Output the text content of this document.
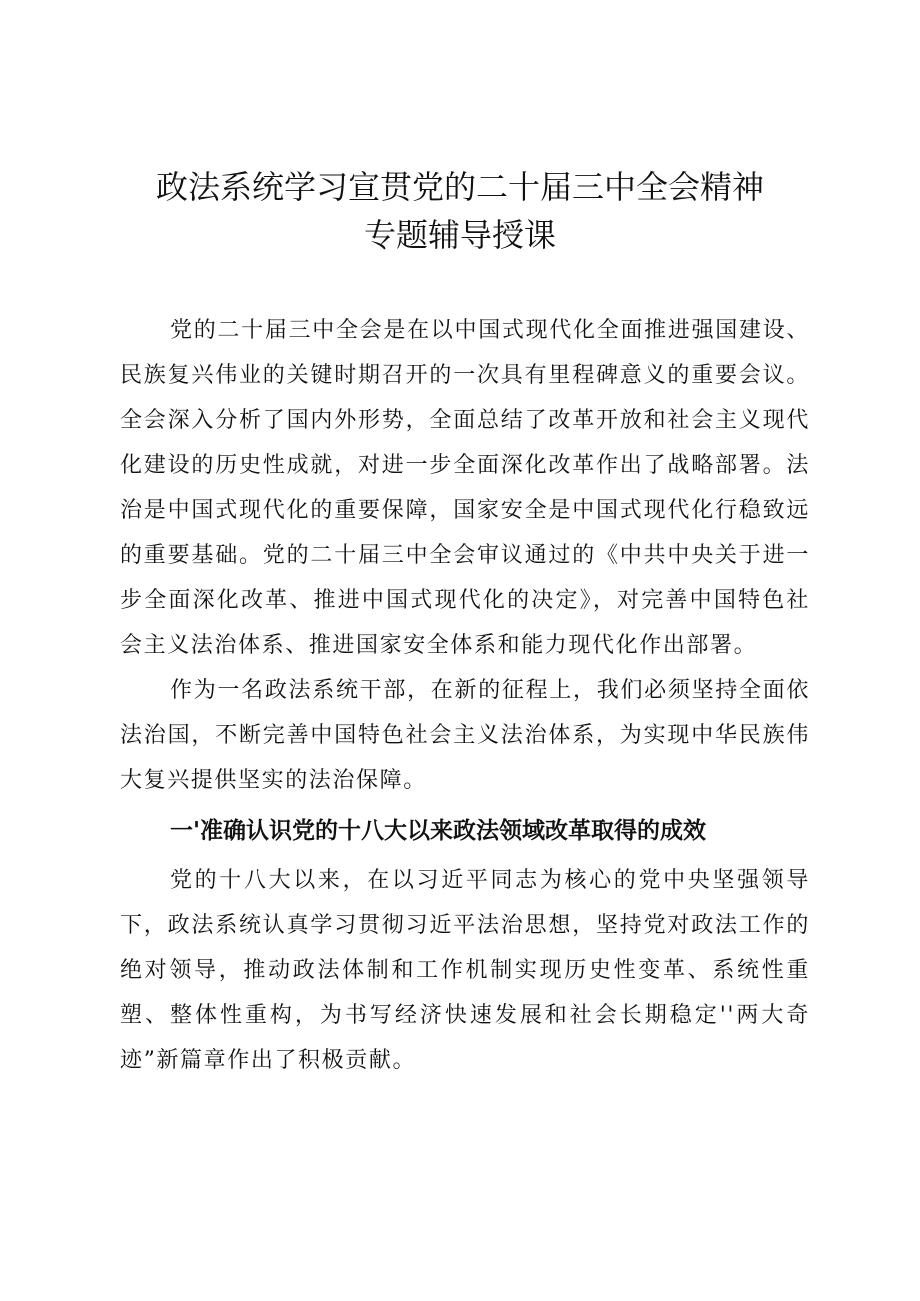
政法系统学习宣贯党的二十届三中全会精神
专题辅导授课

党的二十届三中全会是在以中国式现代化全面推进强国建设、民族复兴伟业的关键时期召开的一次具有里程碑意义的重要会议。全会深入分析了国内外形势，全面总结了改革开放和社会主义现代化建设的历史性成就，对进一步全面深化改革作出了战略部署。法治是中国式现代化的重要保障，国家安全是中国式现代化行稳致远的重要基础。党的二十届三中全会审议通过的《中共中央关于进一步全面深化改革、推进中国式现代化的决定》，对完善中国特色社会主义法治体系、推进国家安全体系和能力现代化作出部署。

作为一名政法系统干部，在新的征程上，我们必须坚持全面依法治国，不断完善中国特色社会主义法治体系，为实现中华民族伟大复兴提供坚实的法治保障。

一'准确认识党的十八大以来政法领域改革取得的成效

党的十八大以来，在以习近平同志为核心的党中央坚强领导下，政法系统认真学习贯彻习近平法治思想，坚持党对政法工作的绝对领导，推动政法体制和工作机制实现历史性变革、系统性重塑、整体性重构，为书写经济快速发展和社会长期稳定''两大奇迹”新篇章作出了积极贡献。
